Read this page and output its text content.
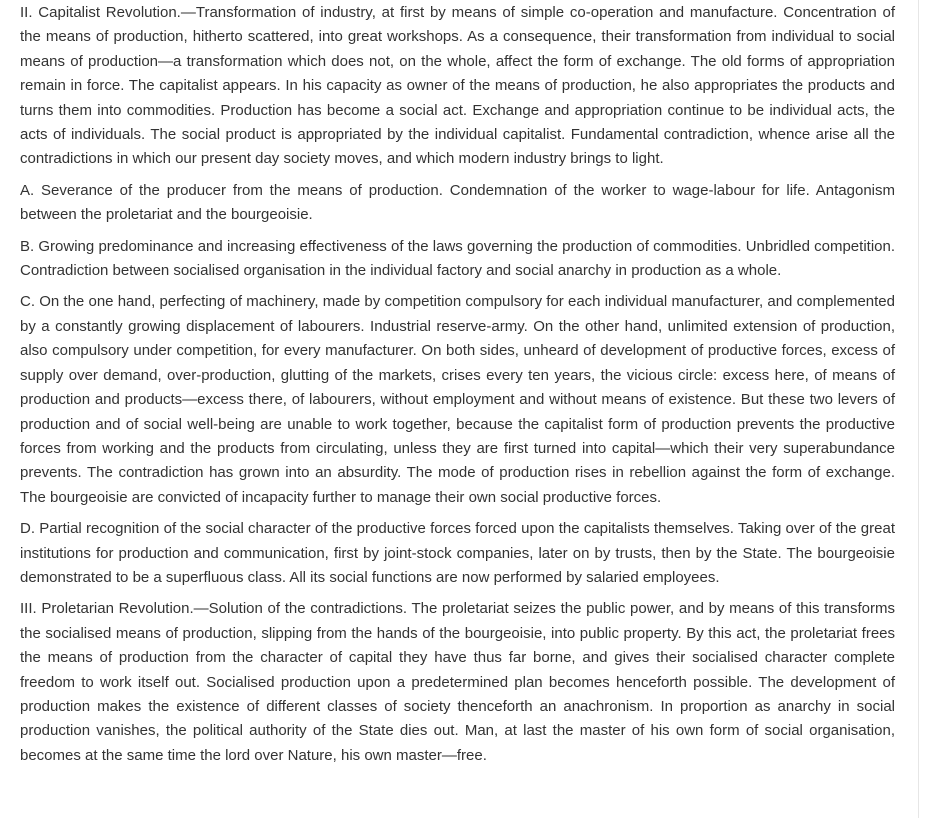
II. Capitalist Revolution.—Transformation of industry, at first by means of simple co-operation and manufacture. Concentration of the means of production, hitherto scattered, into great workshops. As a consequence, their transformation from individual to social means of production—a transformation which does not, on the whole, affect the form of exchange. The old forms of appropriation remain in force. The capitalist appears. In his capacity as owner of the means of production, he also appropriates the products and turns them into commodities. Production has become a social act. Exchange and appropriation continue to be individual acts, the acts of individuals. The social product is appropriated by the individual capitalist. Fundamental contradiction, whence arise all the contradictions in which our present day society moves, and which modern industry brings to light.

A. Severance of the producer from the means of production. Condemnation of the worker to wage-labour for life. Antagonism between the proletariat and the bourgeoisie.

B. Growing predominance and increasing effectiveness of the laws governing the production of commodities. Unbridled competition. Contradiction between socialised organisation in the individual factory and social anarchy in production as a whole.

C. On the one hand, perfecting of machinery, made by competition compulsory for each individual manufacturer, and complemented by a constantly growing displacement of labourers. Industrial reserve-army. On the other hand, unlimited extension of production, also compulsory under competition, for every manufacturer. On both sides, unheard of development of productive forces, excess of supply over demand, over-production, glutting of the markets, crises every ten years, the vicious circle: excess here, of means of production and products—excess there, of labourers, without employment and without means of existence. But these two levers of production and of social well-being are unable to work together, because the capitalist form of production prevents the productive forces from working and the products from circulating, unless they are first turned into capital—which their very superabundance prevents. The contradiction has grown into an absurdity. The mode of production rises in rebellion against the form of exchange. The bourgeoisie are convicted of incapacity further to manage their own social productive forces.

D. Partial recognition of the social character of the productive forces forced upon the capitalists themselves. Taking over of the great institutions for production and communication, first by joint-stock companies, later on by trusts, then by the State. The bourgeoisie demonstrated to be a superfluous class. All its social functions are now performed by salaried employees.

III. Proletarian Revolution.—Solution of the contradictions. The proletariat seizes the public power, and by means of this transforms the socialised means of production, slipping from the hands of the bourgeoisie, into public property. By this act, the proletariat frees the means of production from the character of capital they have thus far borne, and gives their socialised character complete freedom to work itself out. Socialised production upon a predetermined plan becomes henceforth possible. The development of production makes the existence of different classes of society thenceforth an anachronism. In proportion as anarchy in social production vanishes, the political authority of the State dies out. Man, at last the master of his own form of social organisation, becomes at the same time the lord over Nature, his own master—free.
